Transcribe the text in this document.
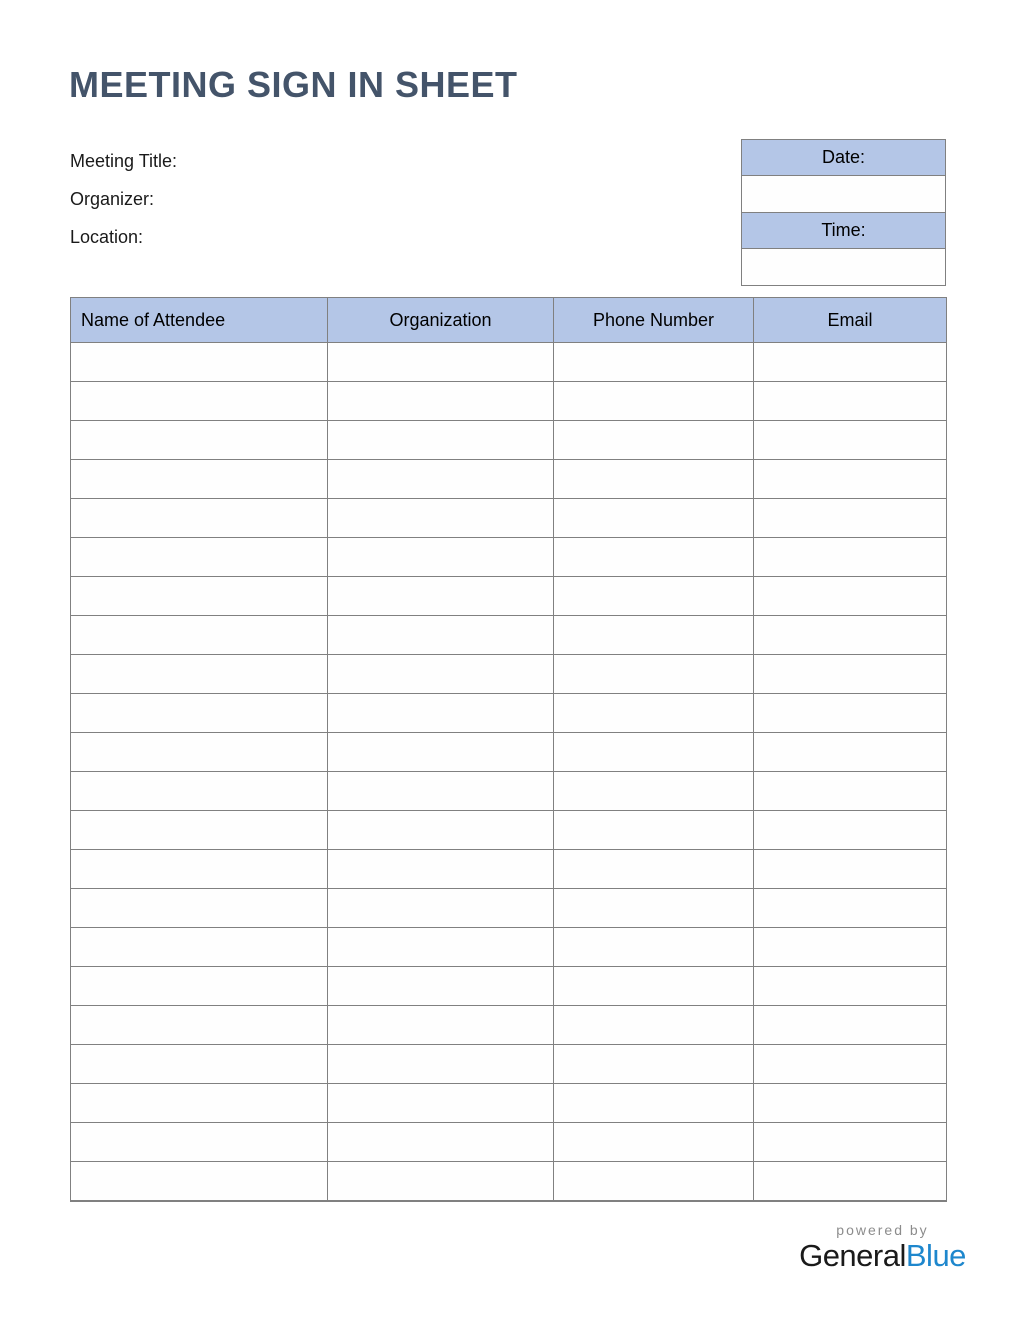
MEETING SIGN IN SHEET
Meeting Title:
Organizer:
Location:
Date:
Time:
Name of Attendee	Organization	Phone Number	Email

powered by
GeneralBlue
